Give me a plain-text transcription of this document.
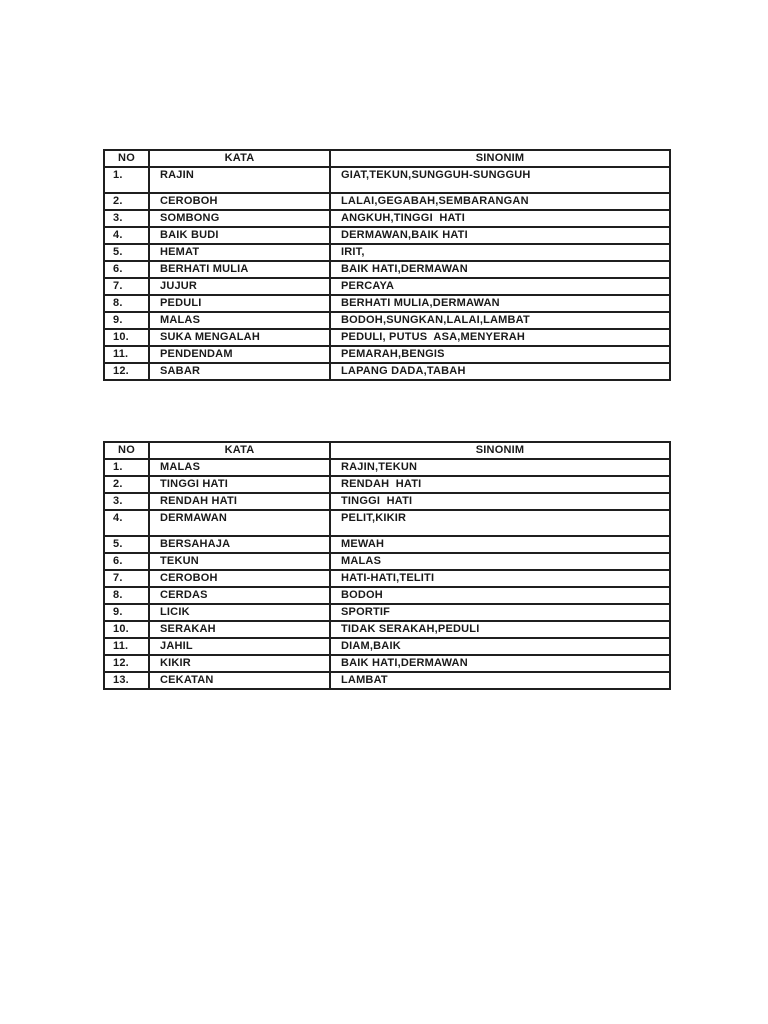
NO	KATA	SINONIM
1.	RAJIN	GIAT,TEKUN,SUNGGUH-SUNGGUH
2.	CEROBOH	LALAI,GEGABAH,SEMBARANGAN
3.	SOMBONG	ANGKUH,TINGGI  HATI
4.	BAIK BUDI	DERMAWAN,BAIK HATI
5.	HEMAT	IRIT,
6.	BERHATI MULIA	BAIK HATI,DERMAWAN
7.	JUJUR	PERCAYA
8.	PEDULI	BERHATI MULIA,DERMAWAN
9.	MALAS	BODOH,SUNGKAN,LALAI,LAMBAT
10.	SUKA MENGALAH	PEDULI, PUTUS  ASA,MENYERAH
11.	PENDENDAM	PEMARAH,BENGIS
12.	SABAR	LAPANG DADA,TABAH
NO	KATA	SINONIM
1.	MALAS	RAJIN,TEKUN
2.	TINGGI HATI	RENDAH  HATI
3.	RENDAH HATI	TINGGI  HATI
4.	DERMAWAN	PELIT,KIKIR
5.	BERSAHAJA	MEWAH
6.	TEKUN	MALAS
7.	CEROBOH	HATI-HATI,TELITI
8.	CERDAS	BODOH
9.	LICIK	SPORTIF
10.	SERAKAH	TIDAK SERAKAH,PEDULI
11.	JAHIL	DIAM,BAIK
12.	KIKIR	BAIK HATI,DERMAWAN
13.	CEKATAN	LAMBAT
